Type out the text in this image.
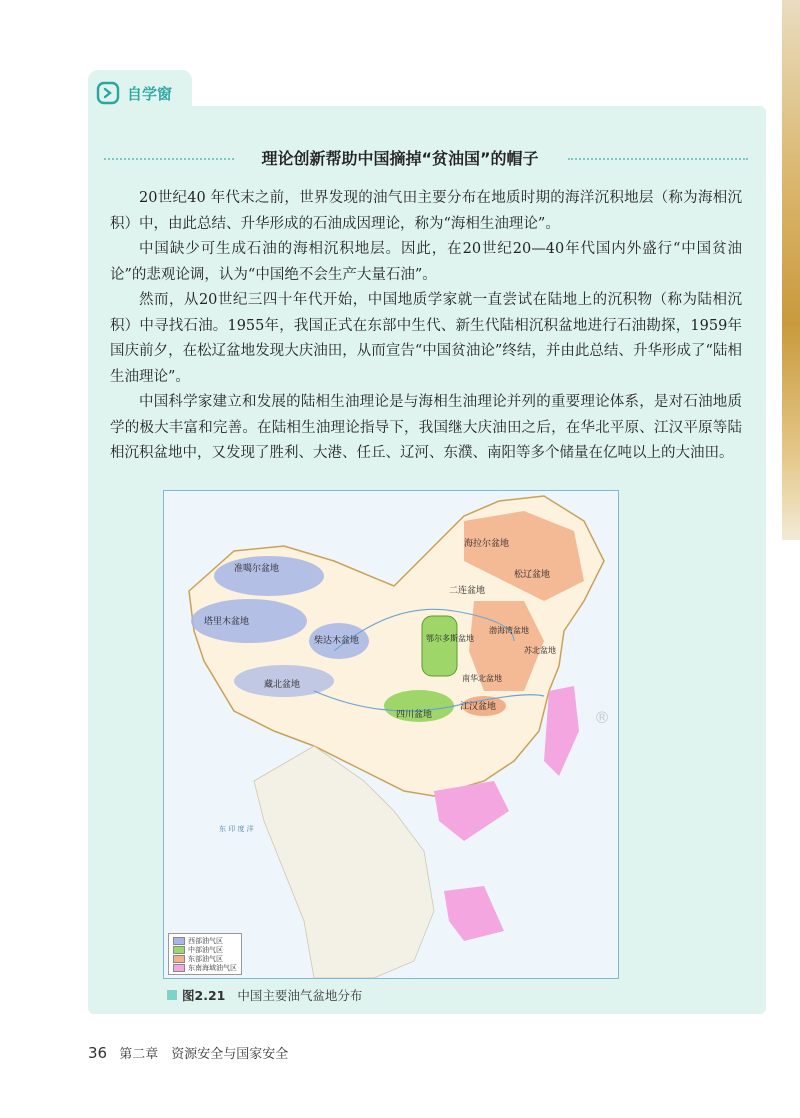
自学窗
理论创新帮助中国摘掉“贫油国”的帽子

20世纪40 年代末之前，世界发现的油气田主要分布在地质时期的海洋沉积地层（称为海相沉积）中，由此总结、升华形成的石油成因理论，称为“海相生油理论”。

中国缺少可生成石油的海相沉积地层。因此，在20世纪20—40年代国内外盛行“中国贫油论”的悲观论调，认为“中国绝不会生产大量石油”。

然而，从20世纪三四十年代开始，中国地质学家就一直尝试在陆地上的沉积物（称为陆相沉积）中寻找石油。1955年，我国正式在东部中生代、新生代陆相沉积盆地进行石油勘探，1959年国庆前夕，在松辽盆地发现大庆油田，从而宣告“中国贫油论”终结，并由此总结、升华形成了“陆相生油理论”。

中国科学家建立和发展的陆相生油理论是与海相生油理论并列的重要理论体系，是对石油地质学的极大丰富和完善。在陆相生油理论指导下，我国继大庆油田之后，在华北平原、江汉平原等陆相沉积盆地中，又发现了胜利、大港、任丘、辽河、东濮、南阳等多个储量在亿吨以上的大油田。

海拉尔盆地
准噶尔盆地
二连盆地
松辽盆地
塔里木盆地
柴达木盆地	鄂尔多斯盆地
渤海湾盆地
南华北盆地
苏北盆地
藏北盆地
四川盆地
江汉盆地
东 印 度 洋
®
西部油气区
中部油气区
东部油气区
东南海域油气区
图2.21 中国主要油气盆地分布
36 第二章　资源安全与国家安全
